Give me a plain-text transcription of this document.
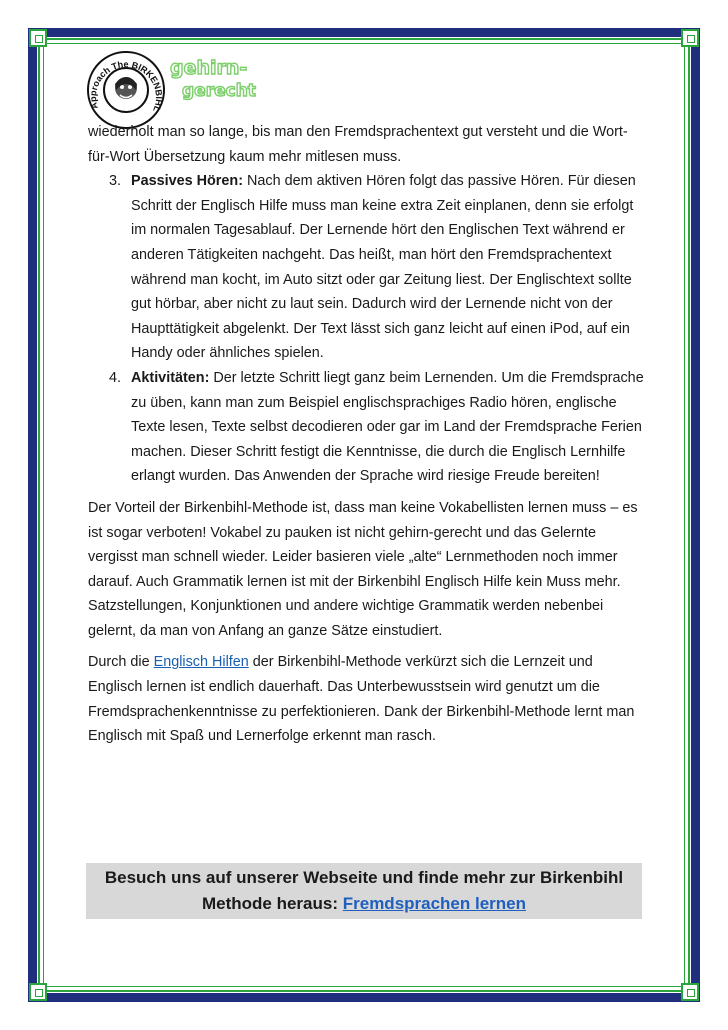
Approach The BIRKENBIHL
gehirn-
gerecht

wiederholt man so lange, bis man den Fremdsprachentext gut versteht und die Wort-für-Wort Übersetzung kaum mehr mitlesen muss.

3. Passives Hören: Nach dem aktiven Hören folgt das passive Hören. Für diesen Schritt der Englisch Hilfe muss man keine extra Zeit einplanen, denn sie erfolgt im normalen Tagesablauf. Der Lernende hört den Englischen Text während er anderen Tätigkeiten nachgeht. Das heißt, man hört den Fremdsprachentext während man kocht, im Auto sitzt oder gar Zeitung liest. Der Englischtext sollte gut hörbar, aber nicht zu laut sein. Dadurch wird der Lernende nicht von der Haupttätigkeit abgelenkt. Der Text lässt sich ganz leicht auf einen iPod, auf ein Handy oder ähnliches spielen.
4. Aktivitäten: Der letzte Schritt liegt ganz beim Lernenden. Um die Fremdsprache zu üben, kann man zum Beispiel englischsprachiges Radio hören, englische Texte lesen, Texte selbst decodieren oder gar im Land der Fremdsprache Ferien machen. Dieser Schritt festigt die Kenntnisse, die durch die Englisch Lernhilfe erlangt wurden. Das Anwenden der Sprache wird riesige Freude bereiten!

Der Vorteil der Birkenbihl-Methode ist, dass man keine Vokabellisten lernen muss – es ist sogar verboten! Vokabel zu pauken ist nicht gehirn-gerecht und das Gelernte vergisst man schnell wieder. Leider basieren viele „alte“ Lernmethoden noch immer darauf. Auch Grammatik lernen ist mit der Birkenbihl Englisch Hilfe kein Muss mehr. Satzstellungen, Konjunktionen und andere wichtige Grammatik werden nebenbei gelernt, da man von Anfang an ganze Sätze einstudiert.

Durch die Englisch Hilfen der Birkenbihl-Methode verkürzt sich die Lernzeit und Englisch lernen ist endlich dauerhaft. Das Unterbewusstsein wird genutzt um die Fremdsprachenkenntnisse zu perfektionieren. Dank der Birkenbihl-Methode lernt man Englisch mit Spaß und Lernerfolge erkennt man rasch.

Besuch uns auf unserer Webseite und finde mehr zur Birkenbihl Methode heraus: Fremdsprachen lernen
